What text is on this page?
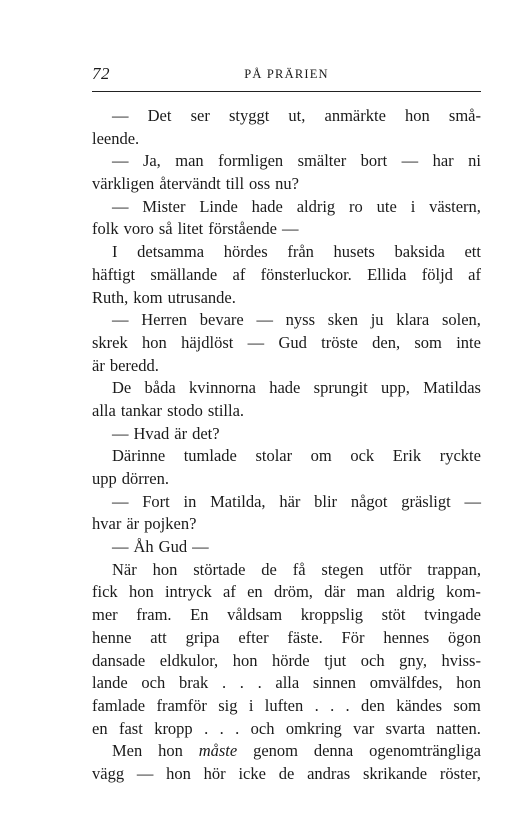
72	PÅ PRÄRIEN
— Det ser styggt ut, anmärkte hon små-
leende.
— Ja, man formligen smälter bort — har ni
värkligen återvändt till oss nu?
— Mister Linde hade aldrig ro ute i västern,
folk voro så litet förstående —
I detsamma hördes från husets baksida ett
häftigt smällande af fönsterluckor. Ellida följd af
Ruth, kom utrusande.
— Herren bevare — nyss sken ju klara solen,
skrek hon häjdlöst — Gud tröste den, som inte
är beredd.
De båda kvinnorna hade sprungit upp, Matildas
alla tankar stodo stilla.
— Hvad är det?
Därinne tumlade stolar om ock Erik ryckte
upp dörren.
— Fort in Matilda, här blir något gräsligt —
hvar är pojken?
— Åh Gud —
När hon störtade de få stegen utför trappan,
fick hon intryck af en dröm, där man aldrig kom-
mer fram. En våldsam kroppslig stöt tvingade
henne att gripa efter fäste. För hennes ögon
dansade eldkulor, hon hörde tjut och gny, hviss-
lande och brak . . . alla sinnen omvälfdes, hon
famlade framför sig i luften . . . den kändes som
en fast kropp . . . och omkring var svarta natten.
Men hon måste genom denna ogenomträngliga
vägg — hon hör icke de andras skrikande röster,
